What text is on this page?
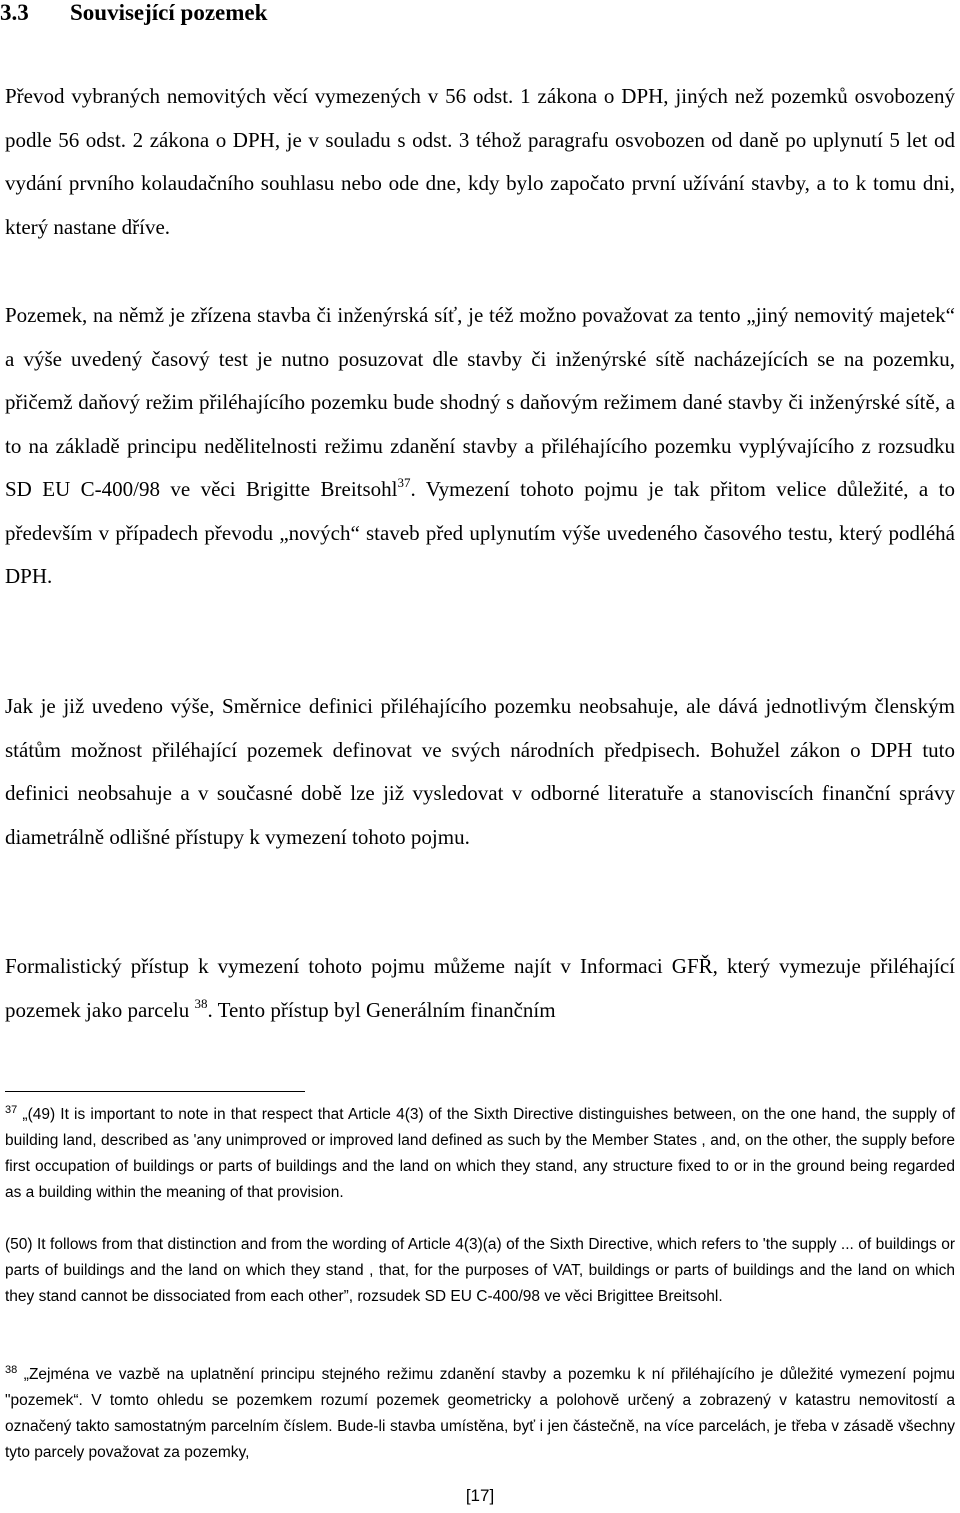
3.3 Související pozemek

Převod vybraných nemovitých věcí vymezených v 56 odst. 1 zákona o DPH, jiných než pozemků osvobozený podle 56 odst. 2 zákona o DPH, je v souladu s odst. 3 téhož paragrafu osvobozen od daně po uplynutí 5 let od vydání prvního kolaudačního souhlasu nebo ode dne, kdy bylo započato první užívání stavby, a to k tomu dni, který nastane dříve.

Pozemek, na němž je zřízena stavba či inženýrská síť, je též možno považovat za tento „jiný nemovitý majetek“ a výše uvedený časový test je nutno posuzovat dle stavby či inženýrské sítě nacházejících se na pozemku, přičemž daňový režim přiléhajícího pozemku bude shodný s daňovým režimem dané stavby či inženýrské sítě, a to na základě principu nedělitelnosti režimu zdanění stavby a přiléhajícího pozemku vyplývajícího z rozsudku SD EU C-400/98 ve věci Brigitte Breitsohl$^{37}$. Vymezení tohoto pojmu je tak přitom velice důležité, a to především v případech převodu „nových“ staveb před uplynutím výše uvedeného časového testu, který podléhá DPH.

Jak je již uvedeno výše, Směrnice definici přiléhajícího pozemku neobsahuje, ale dává jednotlivým členským státům možnost přiléhající pozemek definovat ve svých národních předpisech. Bohužel zákon o DPH tuto definici neobsahuje a v současné době lze již vysledovat v odborné literatuře a stanoviscích finanční správy diametrálně odlišné přístupy k vymezení tohoto pojmu.

Formalistický přístup k vymezení tohoto pojmu můžeme najít v Informaci GFŘ, který vymezuje přiléhající pozemek jako parcelu $^{38}$. Tento přístup byl Generálním finančním

$^{37}$ „(49) It is important to note in that respect that Article 4(3) of the Sixth Directive distinguishes between, on the one hand, the supply of building land, described as 'any unimproved or improved land defined as such by the Member States , and, on the other, the supply before first occupation of buildings or parts of buildings and the land on which they stand, any structure fixed to or in the ground being regarded as a building within the meaning of that provision.

(50) It follows from that distinction and from the wording of Article 4(3)(a) of the Sixth Directive, which refers to 'the supply ... of buildings or parts of buildings and the land on which they stand , that, for the purposes of VAT, buildings or parts of buildings and the land on which they stand cannot be dissociated from each other”, rozsudek SD EU C-400/98 ve věci Brigittee Breitsohl.

$^{38}$ „Zejména ve vazbě na uplatnění principu stejného režimu zdanění stavby a pozemku k ní přiléhajícího je důležité vymezení pojmu "pozemek“. V tomto ohledu se pozemkem rozumí pozemek geometricky a polohově určený a zobrazený v katastru nemovitostí a označený takto samostatným parcelním číslem. Bude-li stavba umístěna, byť i jen částečně, na více parcelách, je třeba v zásadě všechny tyto parcely považovat za pozemky,

[17]
